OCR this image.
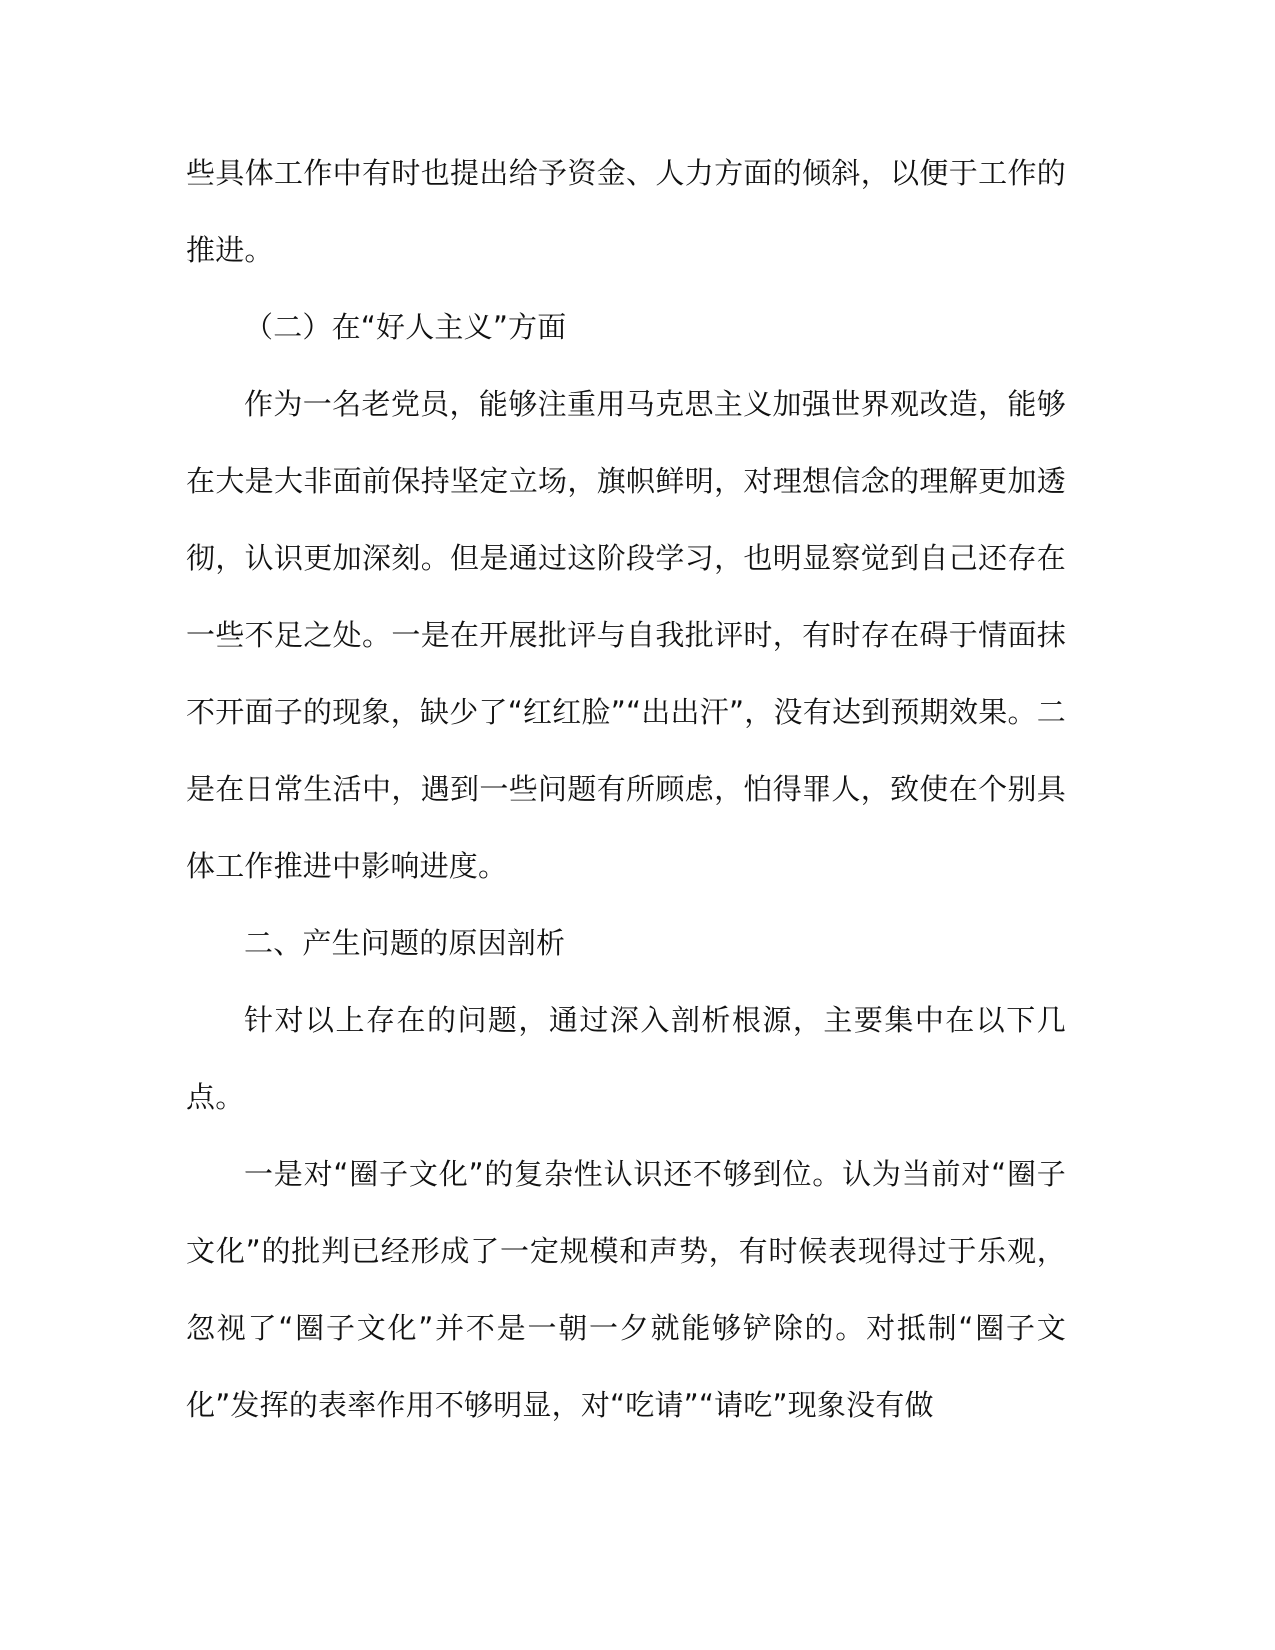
些具体工作中有时也提出给予资金、人力方面的倾斜，以便于工作的推进。

（二）在“好人主义”方面

作为一名老党员，能够注重用马克思主义加强世界观改造，能够在大是大非面前保持坚定立场，旗帜鲜明，对理想信念的理解更加透彻，认识更加深刻。但是通过这阶段学习，也明显察觉到自己还存在一些不足之处。一是在开展批评与自我批评时，有时存在碍于情面抹不开面子的现象，缺少了“红红脸”“出出汗”，没有达到预期效果。二是在日常生活中，遇到一些问题有所顾虑，怕得罪人，致使在个别具体工作推进中影响进度。

二、产生问题的原因剖析

针对以上存在的问题，通过深入剖析根源，主要集中在以下几点。

一是对“圈子文化”的复杂性认识还不够到位。认为当前对“圈子文化”的批判已经形成了一定规模和声势，有时候表现得过于乐观，忽视了“圈子文化”并不是一朝一夕就能够铲除的。对抵制“圈子文化”发挥的表率作用不够明显，对“吃请”“请吃”现象没有做
